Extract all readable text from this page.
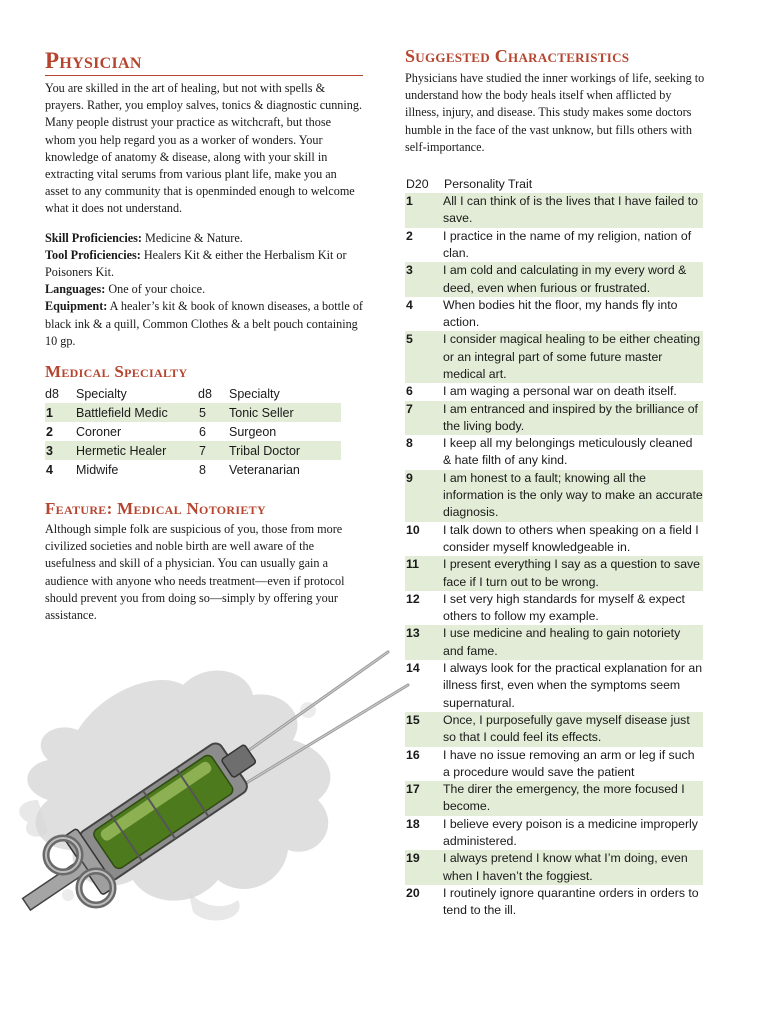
Physician

You are skilled in the art of healing, but not with spells & prayers. Rather, you employ salves, tonics & diagnostic cunning. Many people distrust your practice as witchcraft, but those whom you help regard you as a worker of wonders. Your knowledge of anatomy & disease, along with your skill in extracting vital serums from various plant life, make you an asset to any community that is openminded enough to welcome what it does not understand.

Skill Proficiencies: Medicine & Nature.

Tool Proficiencies: Healers Kit & either the Herbalism Kit or Poisoners Kit.

Languages: One of your choice.

Equipment: A healer’s kit & book of known diseases, a bottle of black ink & a quill, Common Clothes & a belt pouch containing 10 gp.

Medical Specialty
d8	Specialty	d8	Specialty
1	Battlefield Medic	5	Tonic Seller
2	Coroner	6	Surgeon
3	Hermetic Healer	7	Tribal Doctor
4	Midwife	8	Veteranarian
Feature: Medical Notoriety

Although simple folk are suspicious of you, those from more civilized societies and noble birth are well aware of the usefulness and skill of a physician. You can usually gain a audience with anyone who needs treatment—even if protocol should prevent you from doing so—simply by offering your assistance.

Suggested Characteristics

Physicians have studied the inner workings of life, seeking to understand how the body heals itself when afflicted by illness, injury, and disease. This study makes some doctors humble in the face of the vast unknow, but fills others with self-importance.

D20	Personality Trait
1	All I can think of is the lives that I have failed to save.
2	I practice in the name of my religion, nation of clan.
3	I am cold and calculating in my every word & deed, even when furious or frustrated.
4	When bodies hit the floor, my hands fly into action.
5	I consider magical healing to be either cheating or an integral part of some future master medical art.
6	I am waging a personal war on death itself.
7	I am entranced and inspired by the brilliance of the living body.
8	I keep all my belongings meticulously cleaned & hate filth of any kind.
9	I am honest to a fault; knowing all the information is the only way to make an accurate diagnosis.
10	I talk down to others when speaking on a field I consider myself knowledgeable in.
11	I present everything I say as a question to save face if I turn out to be wrong.
12	I set very high standards for myself & expect others to follow my example.
13	I use medicine and healing to gain notoriety and fame.
14	I always look for the practical explanation for an illness first, even when the symptoms seem supernatural.
15	Once, I purposefully gave myself disease just so that I could feel its effects.
16	I have no issue removing an arm or leg if such a procedure would save the patient
17	The direr the emergency, the more focused I become.
18	I believe every poison is a medicine improperly administered.
19	I always pretend I know what I’m doing, even when I haven’t the foggiest.
20	I routinely ignore quarantine orders in orders to tend to the ill.
